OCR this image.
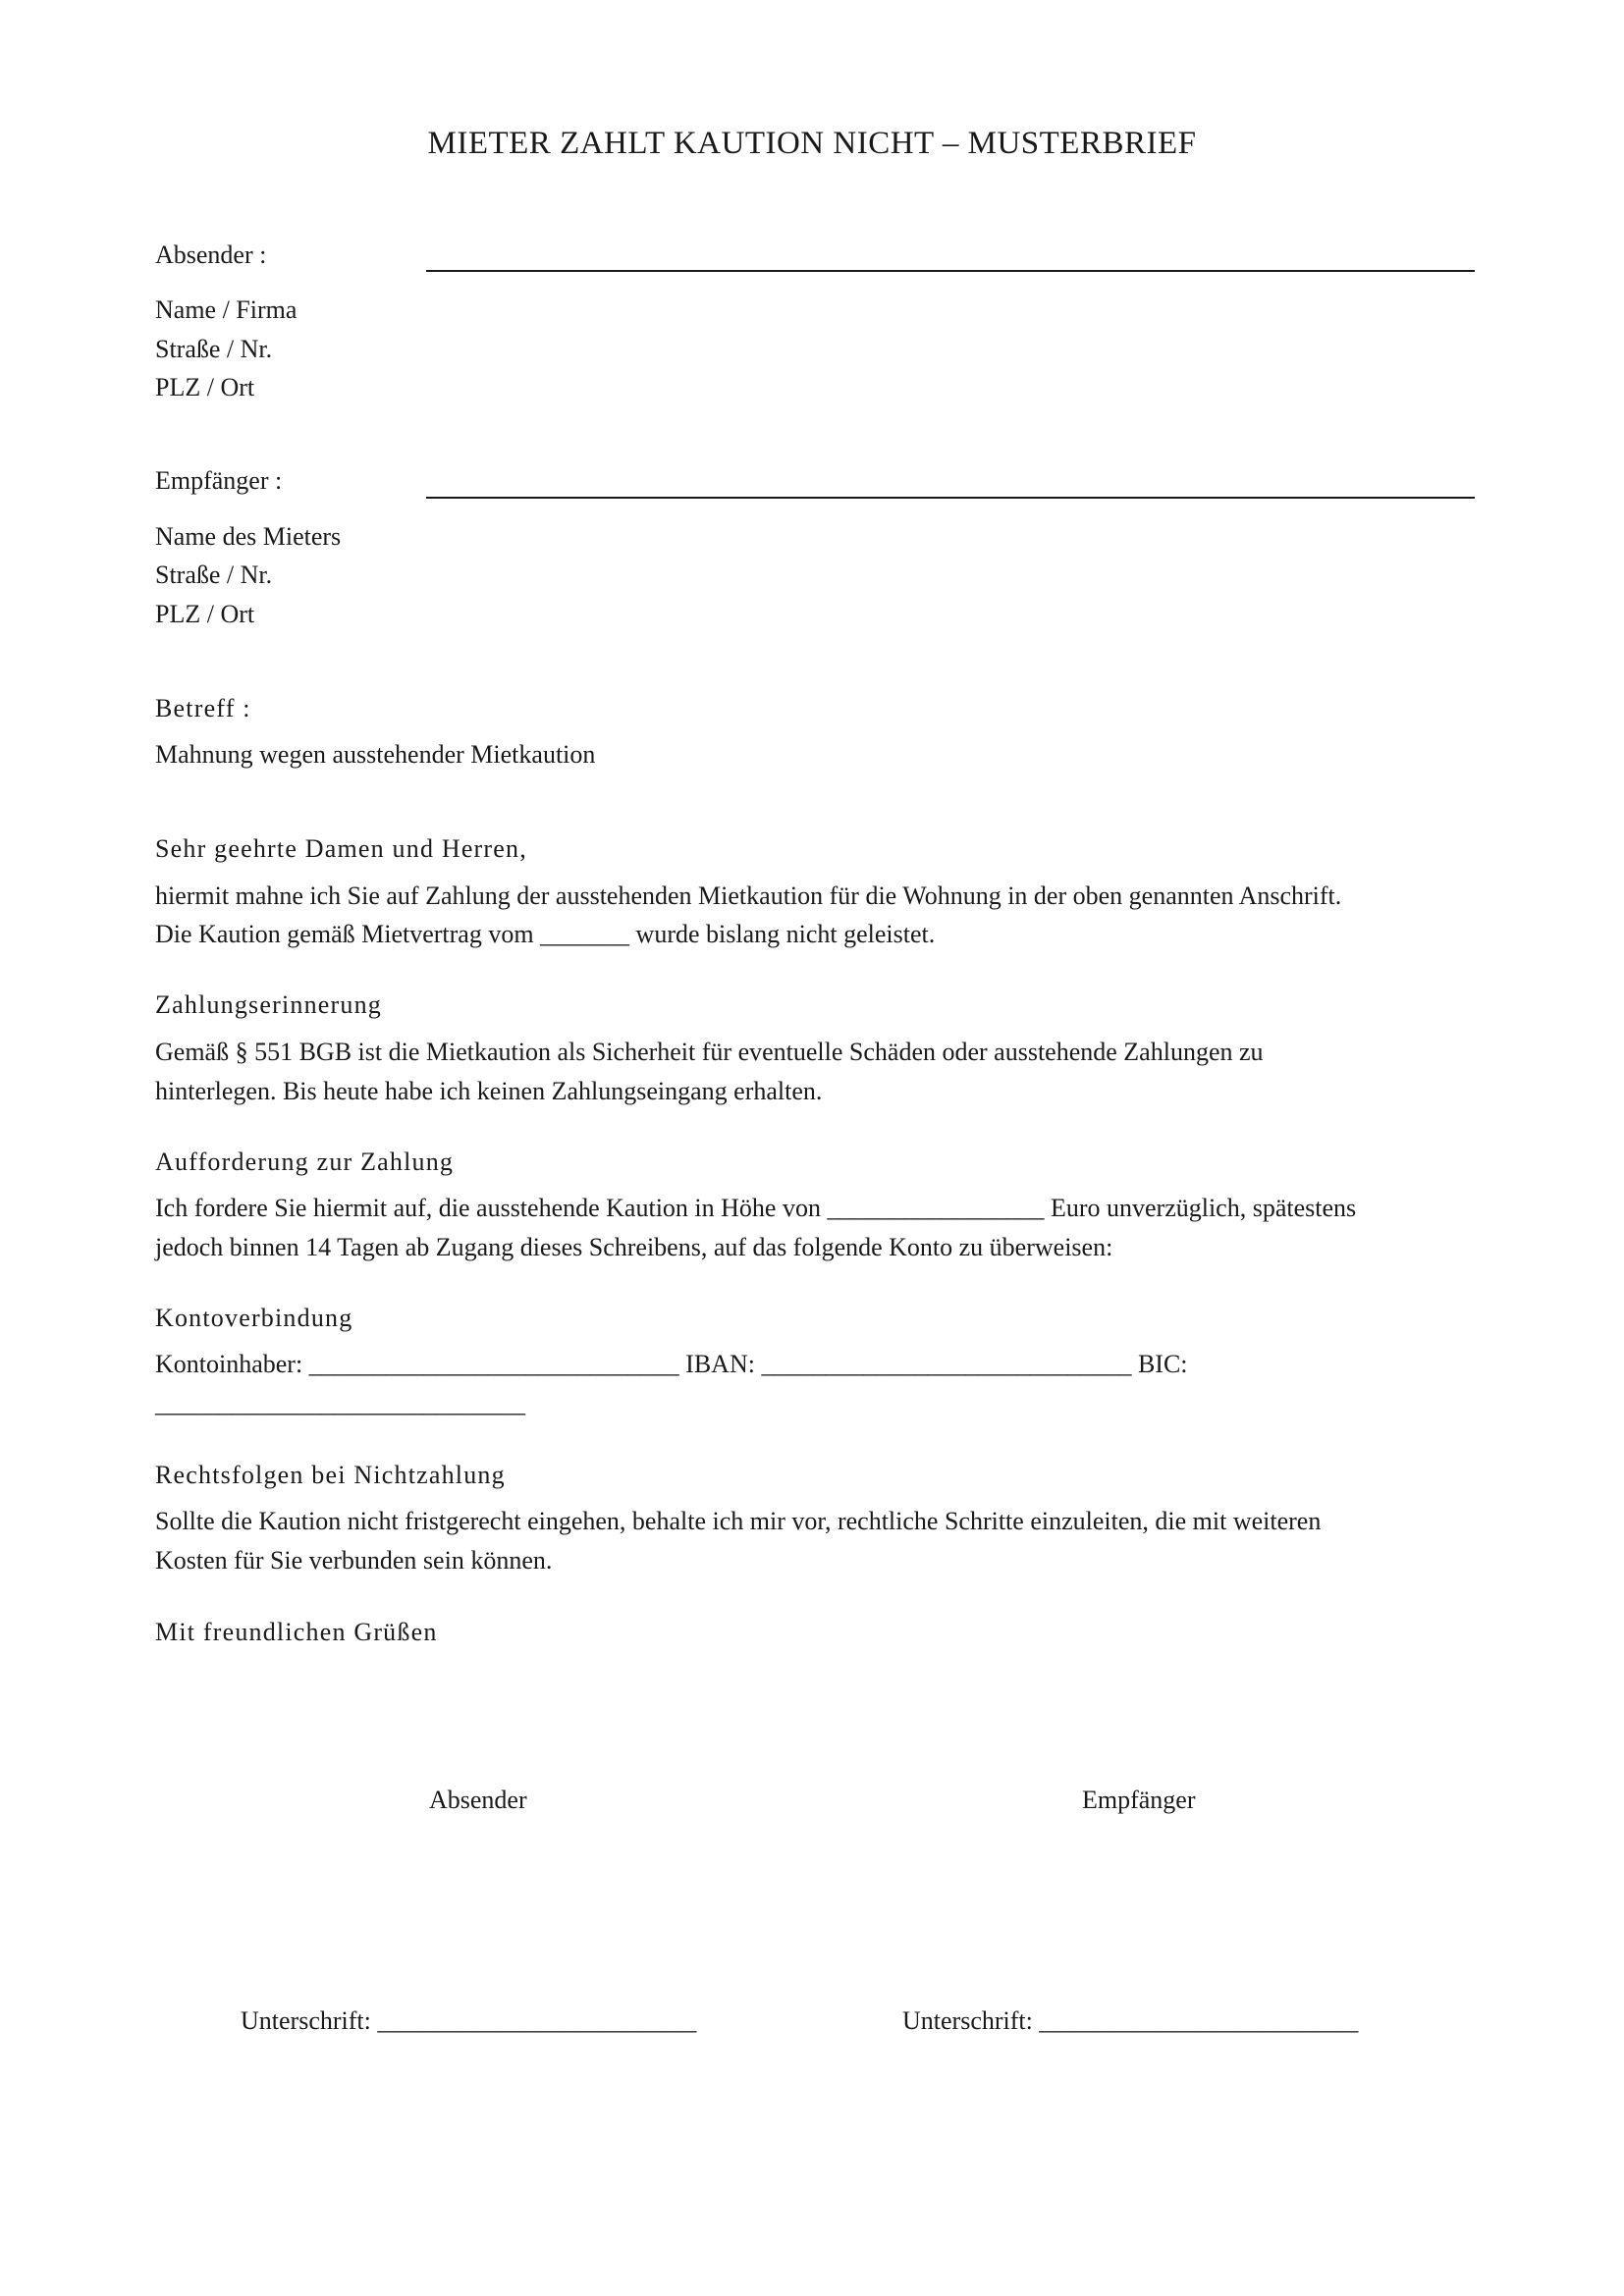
MIETER ZAHLT KAUTION NICHT – MUSTERBRIEF
Absender :
Name / Firma
Straße / Nr.
PLZ / Ort
Empfänger :
Name des Mieters
Straße / Nr.
PLZ / Ort
Betreff :
Mahnung wegen ausstehender Mietkaution
Sehr geehrte Damen und Herren,
hiermit mahne ich Sie auf Zahlung der ausstehenden Mietkaution für die Wohnung in der oben genannten Anschrift.
Die Kaution gemäß Mietvertrag vom _______ wurde bislang nicht geleistet.
Zahlungserinnerung
Gemäß § 551 BGB ist die Mietkaution als Sicherheit für eventuelle Schäden oder ausstehende Zahlungen zu
hinterlegen. Bis heute habe ich keinen Zahlungseingang erhalten.
Aufforderung zur Zahlung
Ich fordere Sie hiermit auf, die ausstehende Kaution in Höhe von _________________ Euro unverzüglich, spätestens
jedoch binnen 14 Tagen ab Zugang dieses Schreibens, auf das folgende Konto zu überweisen:
Kontoverbindung
Kontoinhaber: _____________________________ IBAN: _____________________________ BIC:
_____________________________
Rechtsfolgen bei Nichtzahlung
Sollte die Kaution nicht fristgerecht eingehen, behalte ich mir vor, rechtliche Schritte einzuleiten, die mit weiteren
Kosten für Sie verbunden sein können.
Mit freundlichen Grüßen
Absender	Empfänger
Unterschrift: _________________________	Unterschrift: _________________________
